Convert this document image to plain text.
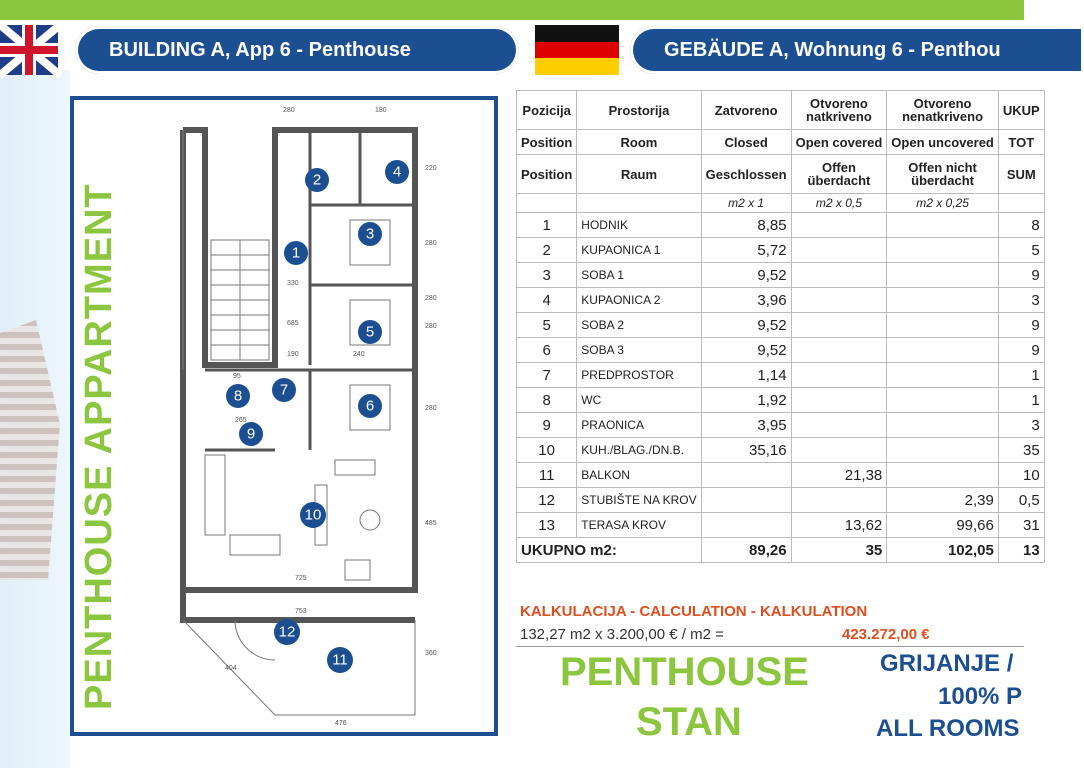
BUILDING A, App 6 - Penthouse	GEBÄUDE A, Wohnung 6 - Penthou
PENTHOUSE APPARTMENT
280	180
220
280
280
280
485
360
725
753
476
404
190	240
95
265
685
330
280
1
2
3
4
5
6
7
8
9
10
11
12
Pozicija	Prostorija	Zatvoreno	Otvoreno natkriveno	Otvoreno nenatkriveno	UKUP
Position	Room	Closed	Open covered	Open uncovered	TOT
Position	Raum	Geschlossen	Offen überdacht	Offen nicht überdacht	SUM
		m2 x 1	m2 x 0,5	m2 x 0,25	
1	HODNIK	8,85			8
2	KUPAONICA 1	5,72			5
3	SOBA 1	9,52			9
4	KUPAONICA 2	3,96			3
5	SOBA 2	9,52			9
6	SOBA 3	9,52			9
7	PREDPROSTOR	1,14			1
8	WC	1,92			1
9	PRAONICA	3,95			3
10	KUH./BLAG./DN.B.	35,16			35
11	BALKON		21,38		10
12	STUBIŠTE NA KROV			2,39	0,5
13	TERASA KROV		13,62	99,66	31
UKUPNO m2:		89,26	35	102,05	13
KALKULACIJA - CALCULATION - KALKULATION
132,27 m2 x 3.200,00 € / m2 =	423.272,00 €
PENTHOUSE
STAN
GRIJANJE /
100% P
ALL ROOMS
